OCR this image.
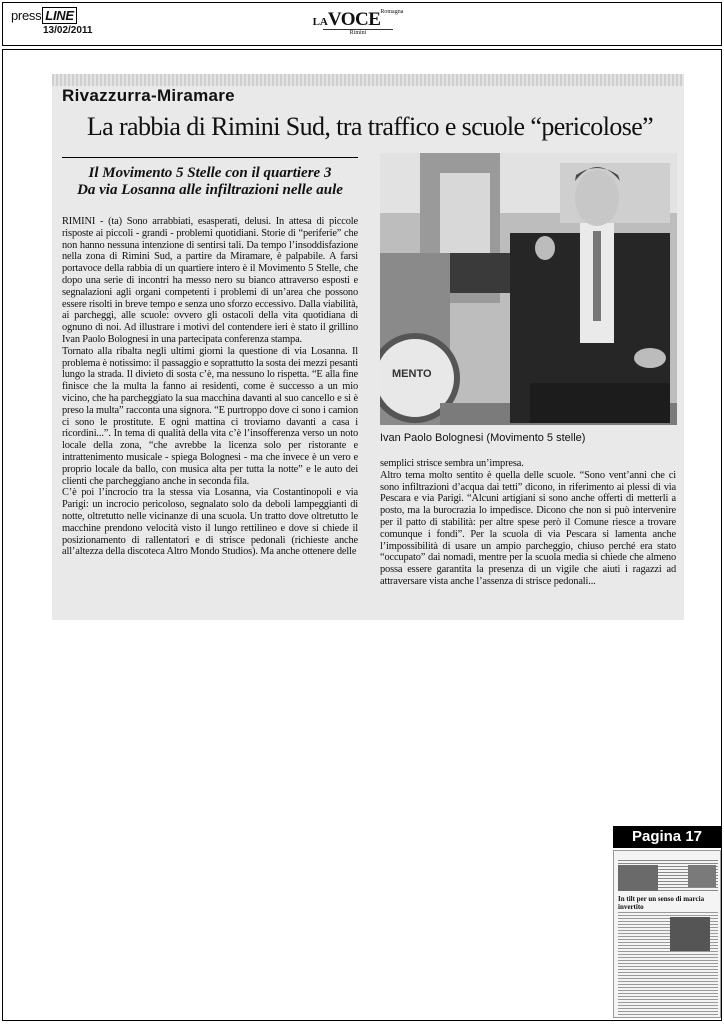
press LINE
13/02/2011
$LAVOCE^{Romagna}$
Rimini
Rivazzurra-Miramare
La rabbia di Rimini Sud, tra traffico e scuole “pericolose”
Il Movimento 5 Stelle con il quartiere 3
Da via Losanna alle infiltrazioni nelle aule

RIMINI - (ta) Sono arrabbiati, esasperati, delusi. In attesa di piccole risposte ai piccoli - grandi - problemi quotidiani. Storie di “periferie” che non hanno nessuna intenzione di sentirsi tali. Da tempo l’insoddisfazione nella zona di Rimini Sud, a partire da Miramare, è palpabile. A farsi portavoce della rabbia di un quartiere intero è il Movimento 5 Stelle, che dopo una serie di incontri ha messo nero su bianco attraverso esposti e segnalazioni agli organi competenti i problemi di un’area che possono essere risolti in breve tempo e senza uno sforzo eccessivo. Dalla viabilità, ai parcheggi, alle scuole: ovvero gli ostacoli della vita quotidiana di ognuno di noi. Ad illustrare i motivi del contendere ieri è stato il grillino Ivan Paolo Bolognesi in una partecipata conferenza stampa.

Tornato alla ribalta negli ultimi giorni la questione di via Losanna. Il problema è notissimo: il passaggio e soprattutto la sosta dei mezzi pesanti lungo la strada. Il divieto di sosta c’è, ma nessuno lo rispetta. “E alla fine finisce che la multa la fanno ai residenti, come è successo a un mio vicino, che ha parcheggiato la sua macchina davanti al suo cancello e si è preso la multa” racconta una signora. “E purtroppo dove ci sono i camion ci sono le prostitute. E ogni mattina ci troviamo davanti a casa i ricordini...”. In tema di qualità della vita c’è l’insofferenza verso un noto locale della zona, “che avrebbe la licenza solo per ristorante e intrattenimento musicale - spiega Bolognesi - ma che invece è un vero e proprio locale da ballo, con musica alta per tutta la notte” e le auto dei clienti che parcheggiano anche in seconda fila.

C’è poi l’incrocio tra la stessa via Losanna, via Costantinopoli e via Parigi: un incrocio pericoloso, segnalato solo da deboli lampeggianti di notte, oltretutto nelle vicinanze di una scuola. Un tratto dove oltretutto le macchine prendono velocità visto il lungo rettilineo e dove si chiede il posizionamento di rallentatori e di strisce pedonali (richieste anche all’altezza della discoteca Altro Mondo Studios). Ma anche ottenere delle

MENTO
Ivan Paolo Bolognesi (Movimento 5 stelle)

semplici strisce sembra un’impresa.

Altro tema molto sentito è quella delle scuole. “Sono vent’anni che ci sono infiltrazioni d’acqua dai tetti” dicono, in riferimento ai plessi di via Pescara e via Parigi. “Alcuni artigiani si sono anche offerti di metterli a posto, ma la burocrazia lo impedisce. Dicono che non si può intervenire per il patto di stabilità: per altre spese però il Comune riesce a trovare comunque i fondi”. Per la scuola di via Pescara si lamenta anche l’impossibilità di usare un ampio parcheggio, chiuso perché era stato “occupato” dai nomadi, mentre per la scuola media si chiede che almeno possa essere garantita la presenza di un vigile che aiuti i ragazzi ad attraversare vista anche l’assenza di strisce pedonali...

Pagina 17
In tilt per un senso di marcia invertito
